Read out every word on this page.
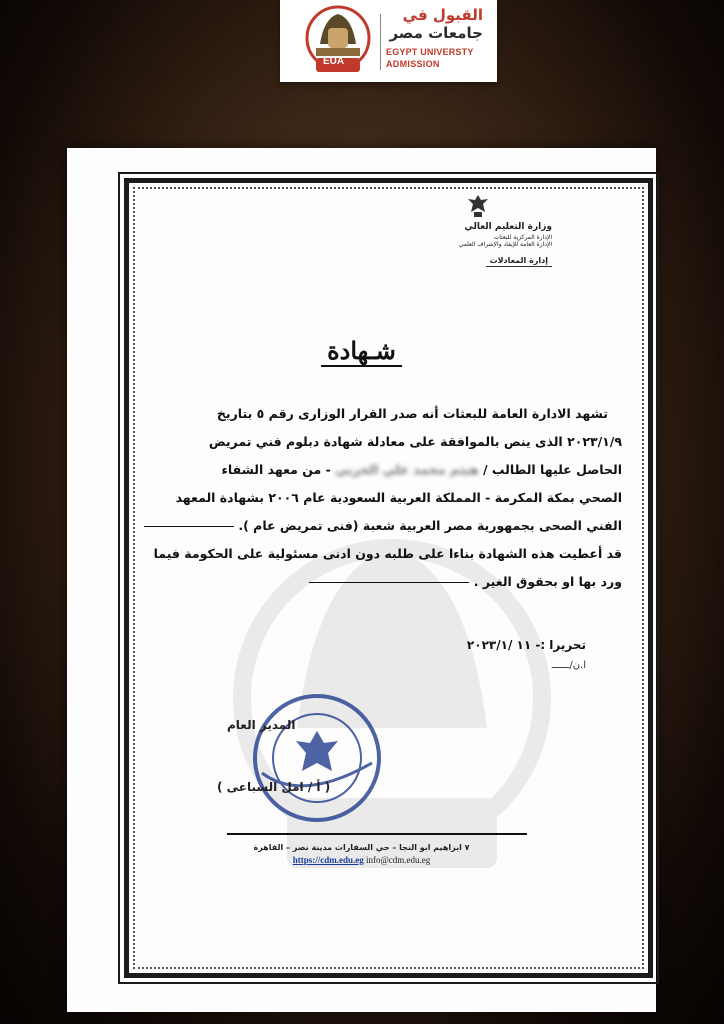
EUA
القبول في
جامعات مصر
EGYPT UNIVERSTY
ADMISSION
وزارة التعليم العالي
الإدارة المركزية للبعثات
الإدارة العامة للإيفاد والإشراف العلمي
إدارة المعادلات
شـهادة

تشهد الادارة العامة للبعثات أنه صدر القرار الوزارى رقم ٥ بتاريخ

٢٠٢٣/١/٩ الذى ينص بالموافقة على معادلة شهادة دبلوم فني تمريض

الحاصل عليها الطالب / هيثم محمد علي الحربي - من معهد الشفاء

الصحي بمكة المكرمة - المملكة العربية السعودية عام ٢٠٠٦ بشهادة المعهد

الفني الصحى بجمهورية مصر العربية شعبة (فنى تمريض عام ).

قد أعطيت هذه الشهادة بناءا على طلبه دون ادنى مسئولية على الحكومة فيما

ورد بها او بحقوق الغير .

تحريرا :- ١١ /٢٠٢٣/١
ا.ن/ــــــ
المدير العام
( أ / امل السباعى )
٧ ابراهيم ابو النجا – حي السفارات مدينة نصر – القاهرة
https://cdm.edu.eg info@cdm.edu.eg
